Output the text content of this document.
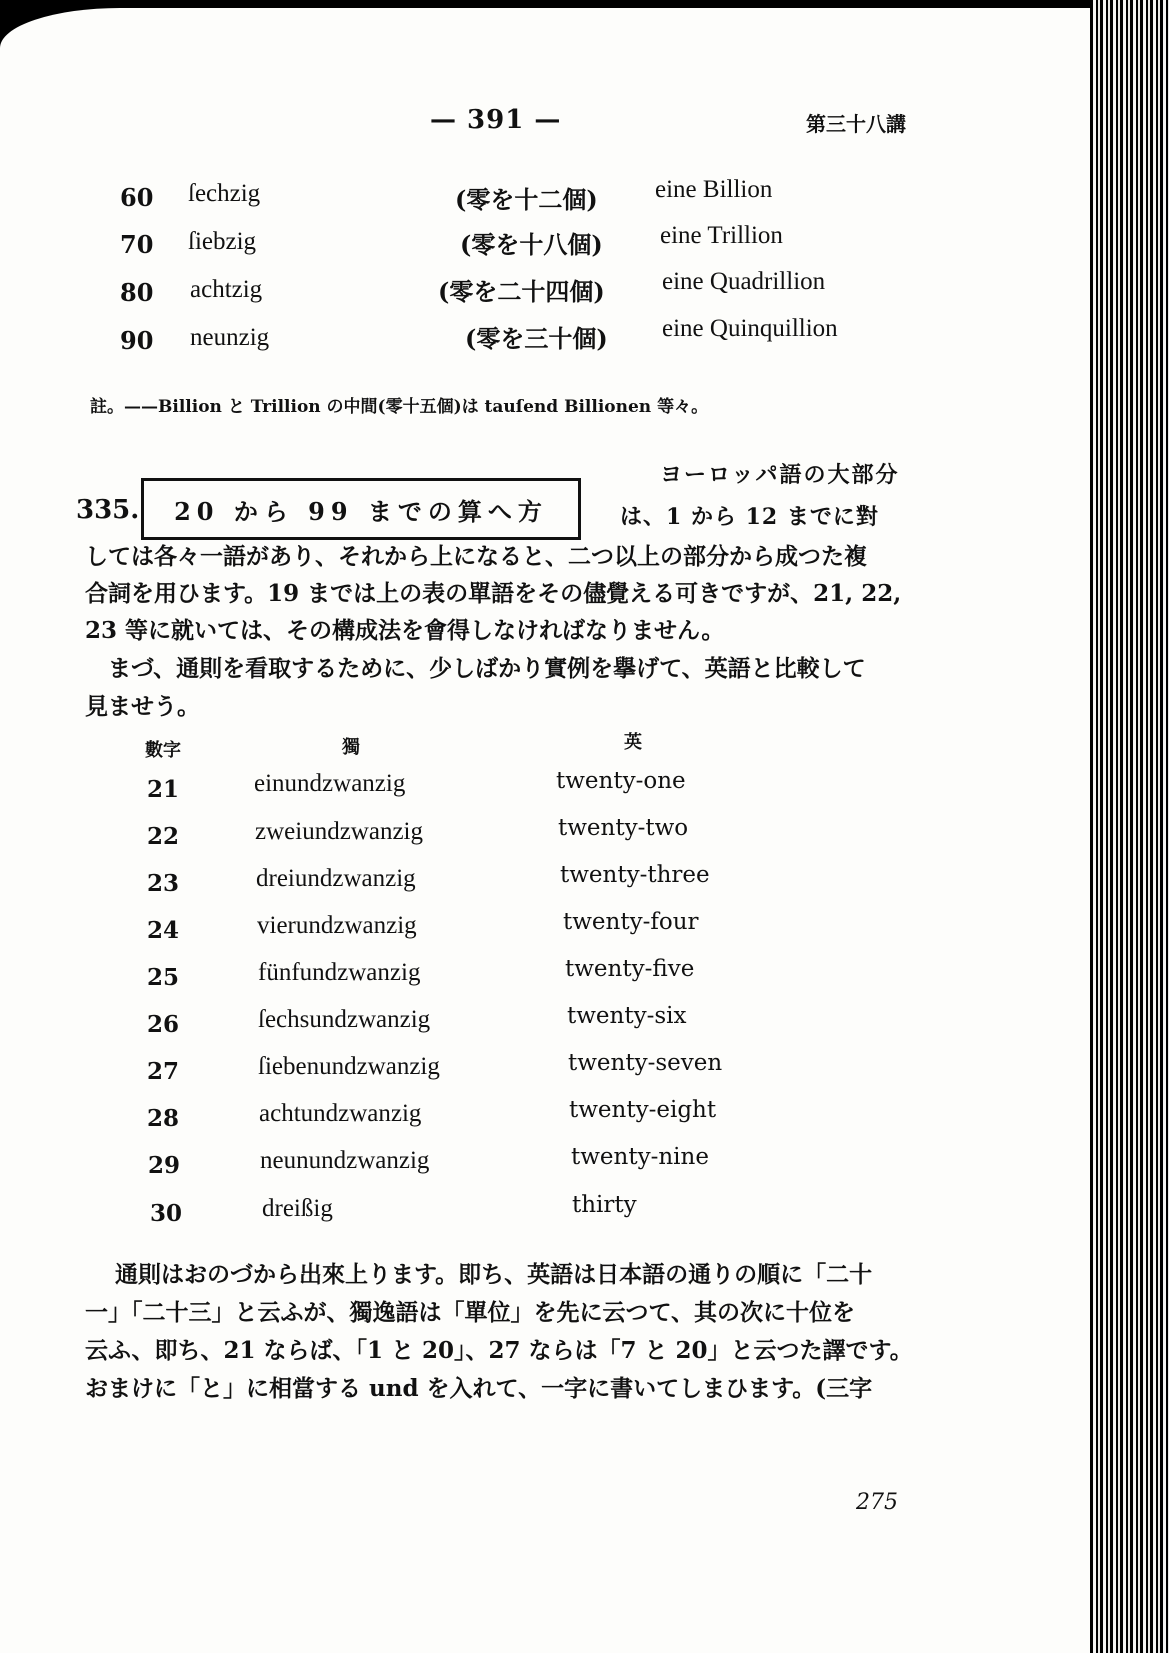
— 391 —	第三十八講
60 ſechzig	(零を十二個) eine Billion
70 ſiebzig	(零を十八個) eine Trillion
80 achtzig	(零を二十四個) eine Quadrillion
90 neunzig	(零を三十個) eine Quinquillion
註。——Billion と Trillion の中間(零十五個)は tauſend Billionen 等々。
335. 20 から 99 までの算へ方
ヨーロッパ語の大部分
は、1 から 12 までに對
しては各々一語があり、それから上になると、二つ以上の部分から成つた複
合詞を用ひます。19 までは上の表の單語をその儘覺える可きですが、21, 22,
23 等に就いては、その構成法を會得しなければなりません。
まづ、通則を看取するために、少しばかり實例を擧げて、英語と比較して
見ませう。
數字	獨	英
21	einundzwanzig	twenty-one
22	zweiundzwanzig	twenty-two
23	dreiundzwanzig	twenty-three
24	vierundzwanzig	twenty-four
25	fünfundzwanzig	twenty-five
26	ſechsundzwanzig	twenty-six
27	ſiebenundzwanzig	twenty-seven
28	achtundzwanzig	twenty-eight
29	neunundzwanzig	twenty-nine
30	dreißig	thirty
通則はおのづから出來上ります。即ち、英語は日本語の通りの順に「二十
一」「二十三」と云ふが、獨逸語は「單位」を先に云つて、其の次に十位を
云ふ、即ち、21 ならば、「1 と 20」、27 ならは「7 と 20」と云つた譯です。
おまけに「と」に相當する und を入れて、一字に書いてしまひます。(三字
275
